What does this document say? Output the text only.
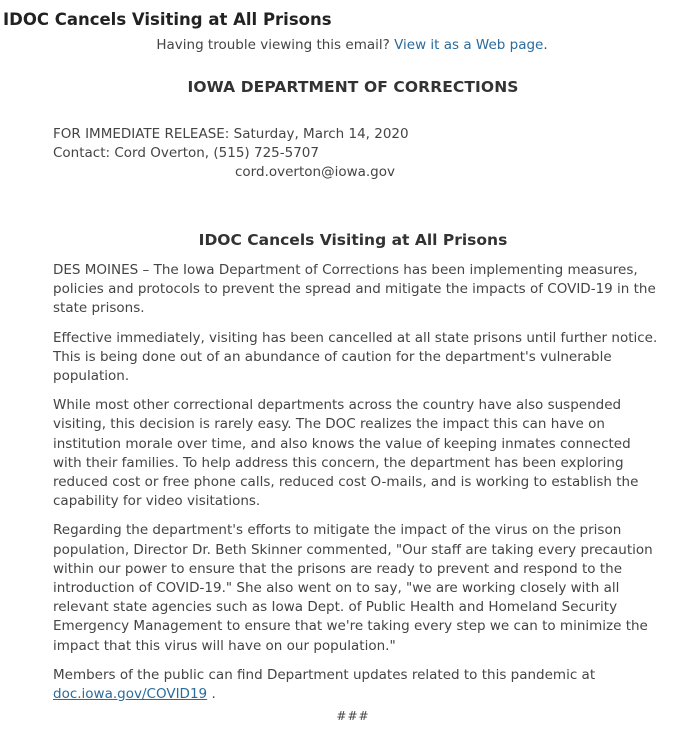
IDOC Cancels Visiting at All Prisons
Having trouble viewing this email? View it as a Web page.
IOWA DEPARTMENT OF CORRECTIONS
FOR IMMEDIATE RELEASE: Saturday, March 14, 2020
Contact: Cord Overton, (515) 725-5707
cord.overton@iowa.gov
IDOC Cancels Visiting at All Prisons

DES MOINES – The Iowa Department of Corrections has been implementing measures, policies and protocols to prevent the spread and mitigate the impacts of COVID-19 in the state prisons.

Effective immediately, visiting has been cancelled at all state prisons until further notice. This is being done out of an abundance of caution for the department's vulnerable population.

While most other correctional departments across the country have also suspended visiting, this decision is rarely easy. The DOC realizes the impact this can have on institution morale over time, and also knows the value of keeping inmates connected with their families. To help address this concern, the department has been exploring reduced cost or free phone calls, reduced cost O-mails, and is working to establish the capability for video visitations.

Regarding the department's efforts to mitigate the impact of the virus on the prison population, Director Dr. Beth Skinner commented, "Our staff are taking every precaution within our power to ensure that the prisons are ready to prevent and respond to the introduction of COVID-19." She also went on to say, "we are working closely with all relevant state agencies such as Iowa Dept. of Public Health and Homeland Security Emergency Management to ensure that we're taking every step we can to minimize the impact that this virus will have on our population."

Members of the public can find Department updates related to this pandemic at doc.iowa.gov/COVID19 .

###
